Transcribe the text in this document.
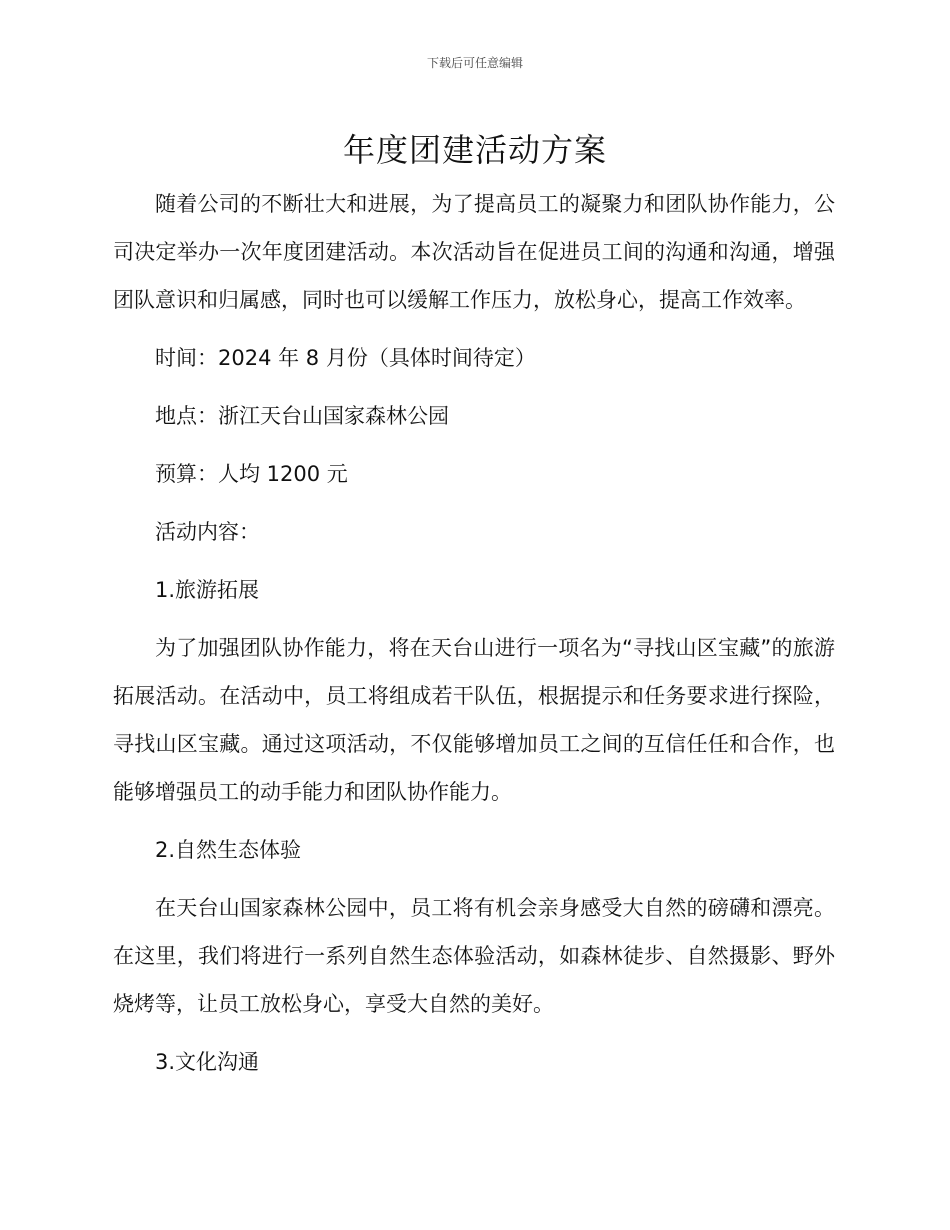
下载后可任意编辑
年度团建活动方案

随着公司的不断壮大和进展，为了提高员工的凝聚力和团队协作能力，公司决定举办一次年度团建活动。本次活动旨在促进员工间的沟通和沟通，增强团队意识和归属感，同时也可以缓解工作压力，放松身心，提高工作效率。

时间：2024 年 8 月份（具体时间待定）

地点：浙江天台山国家森林公园

预算：人均 1200 元

活动内容：

1.旅游拓展

为了加强团队协作能力，将在天台山进行一项名为“寻找山区宝藏”的旅游拓展活动。在活动中，员工将组成若干队伍，根据提示和任务要求进行探险，寻找山区宝藏。通过这项活动，不仅能够增加员工之间的互信任任和合作，也能够增强员工的动手能力和团队协作能力。

2.自然生态体验

在天台山国家森林公园中，员工将有机会亲身感受大自然的磅礴和漂亮。在这里，我们将进行一系列自然生态体验活动，如森林徒步、自然摄影、野外烧烤等，让员工放松身心，享受大自然的美好。

3.文化沟通
